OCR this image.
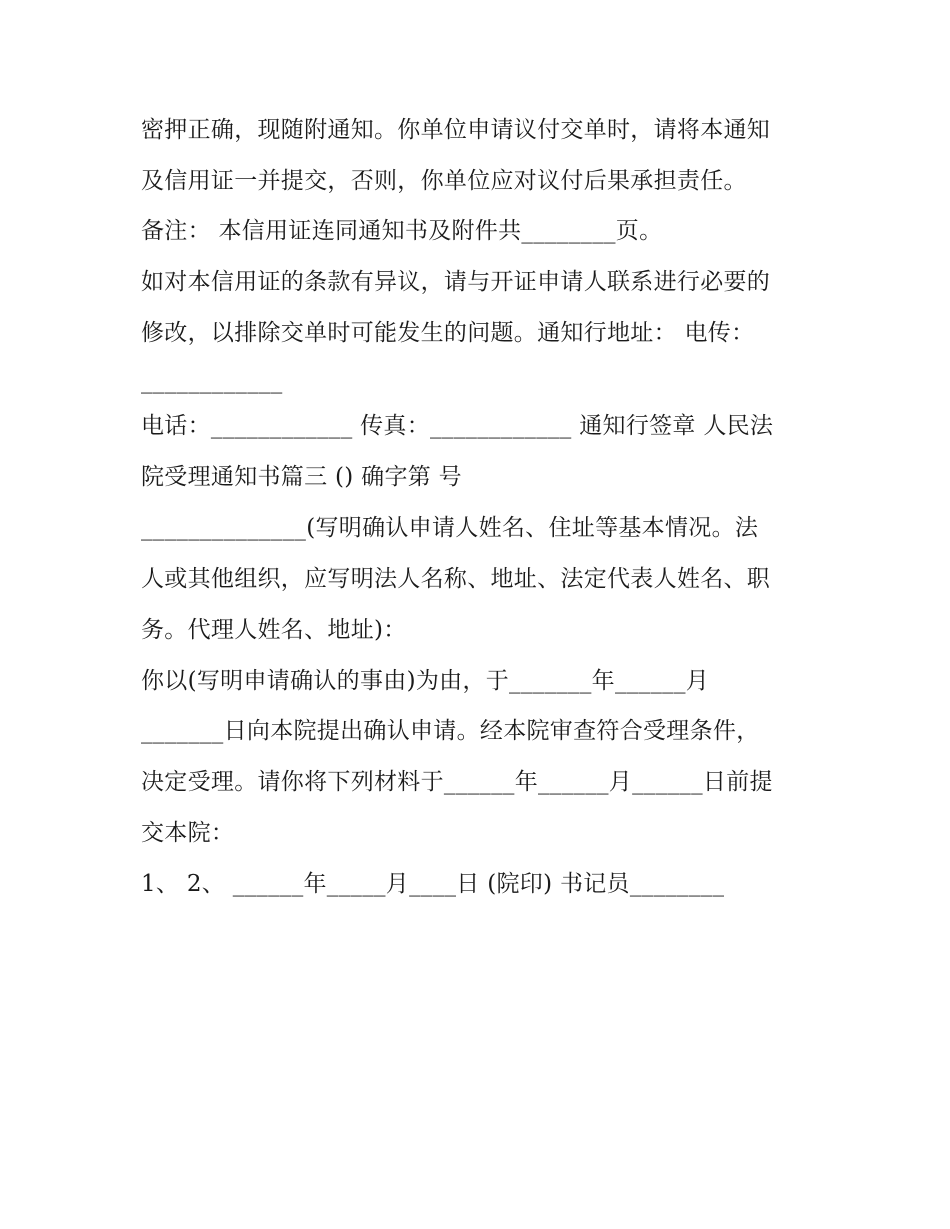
密押正确，现随附通知。你单位申请议付交单时，请将本通知
及信用证一并提交，否则，你单位应对议付后果承担责任。
备注： 本信用证连同通知书及附件共________页。
如对本信用证的条款有异议，请与开证申请人联系进行必要的
修改，以排除交单时可能发生的问题。通知行地址： 电传：
____________
电话：____________ 传真：____________ 通知行签章 人民法
院受理通知书篇三 () 确字第 号
______________(写明确认申请人姓名、住址等基本情况。法
人或其他组织，应写明法人名称、地址、法定代表人姓名、职
务。代理人姓名、地址)：
你以(写明申请确认的事由)为由，于_______年______月
_______日向本院提出确认申请。经本院审查符合受理条件，
决定受理。请你将下列材料于______年______月______日前提
交本院：
1、 2、 ______年_____月____日 (院印) 书记员________
